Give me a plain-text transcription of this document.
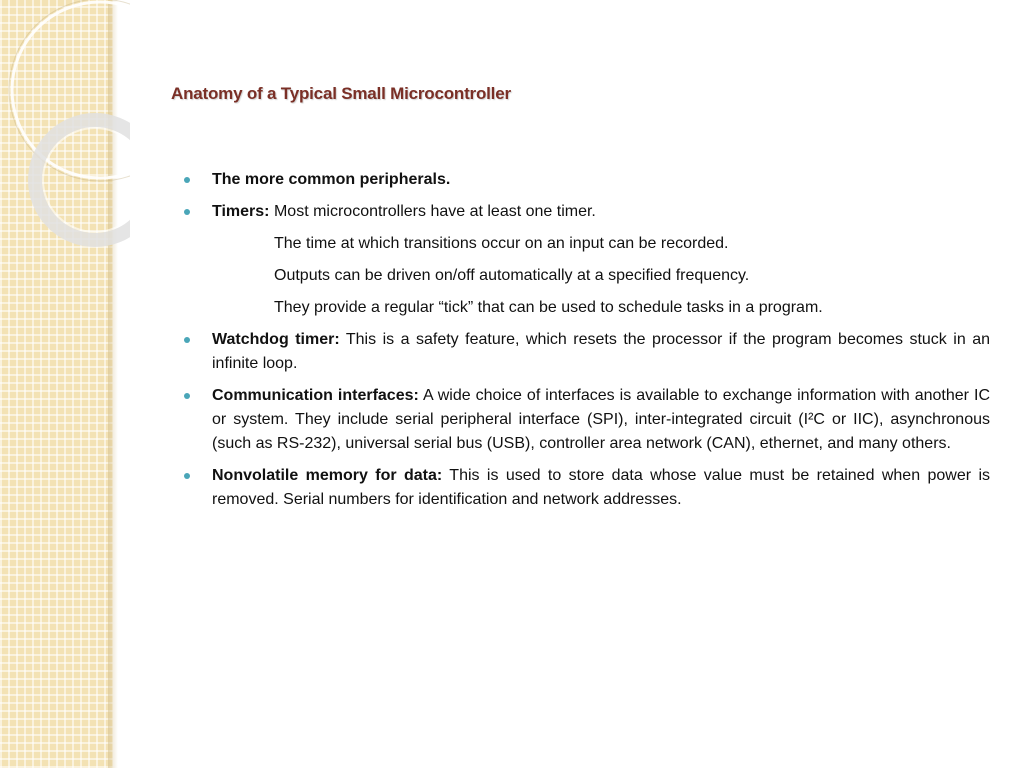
Anatomy of a Typical Small Microcontroller
The more common peripherals.
Timers: Most microcontrollers have at least one timer.
The time at which transitions occur on an input can be recorded.
Outputs can be driven on/off automatically at a specified frequency.
They provide a regular “tick” that can be used to schedule tasks in a program.
Watchdog timer: This is a safety feature, which resets the processor if the program becomes stuck in an infinite loop.
Communication interfaces: A wide choice of interfaces is available to exchange information with another IC or system. They include serial peripheral interface (SPI), inter-integrated circuit (I²C or IIC), asynchronous (such as RS-232), universal serial bus (USB), controller area network (CAN), ethernet, and many others.
Nonvolatile memory for data: This is used to store data whose value must be retained when power is removed. Serial numbers for identification and network addresses.
